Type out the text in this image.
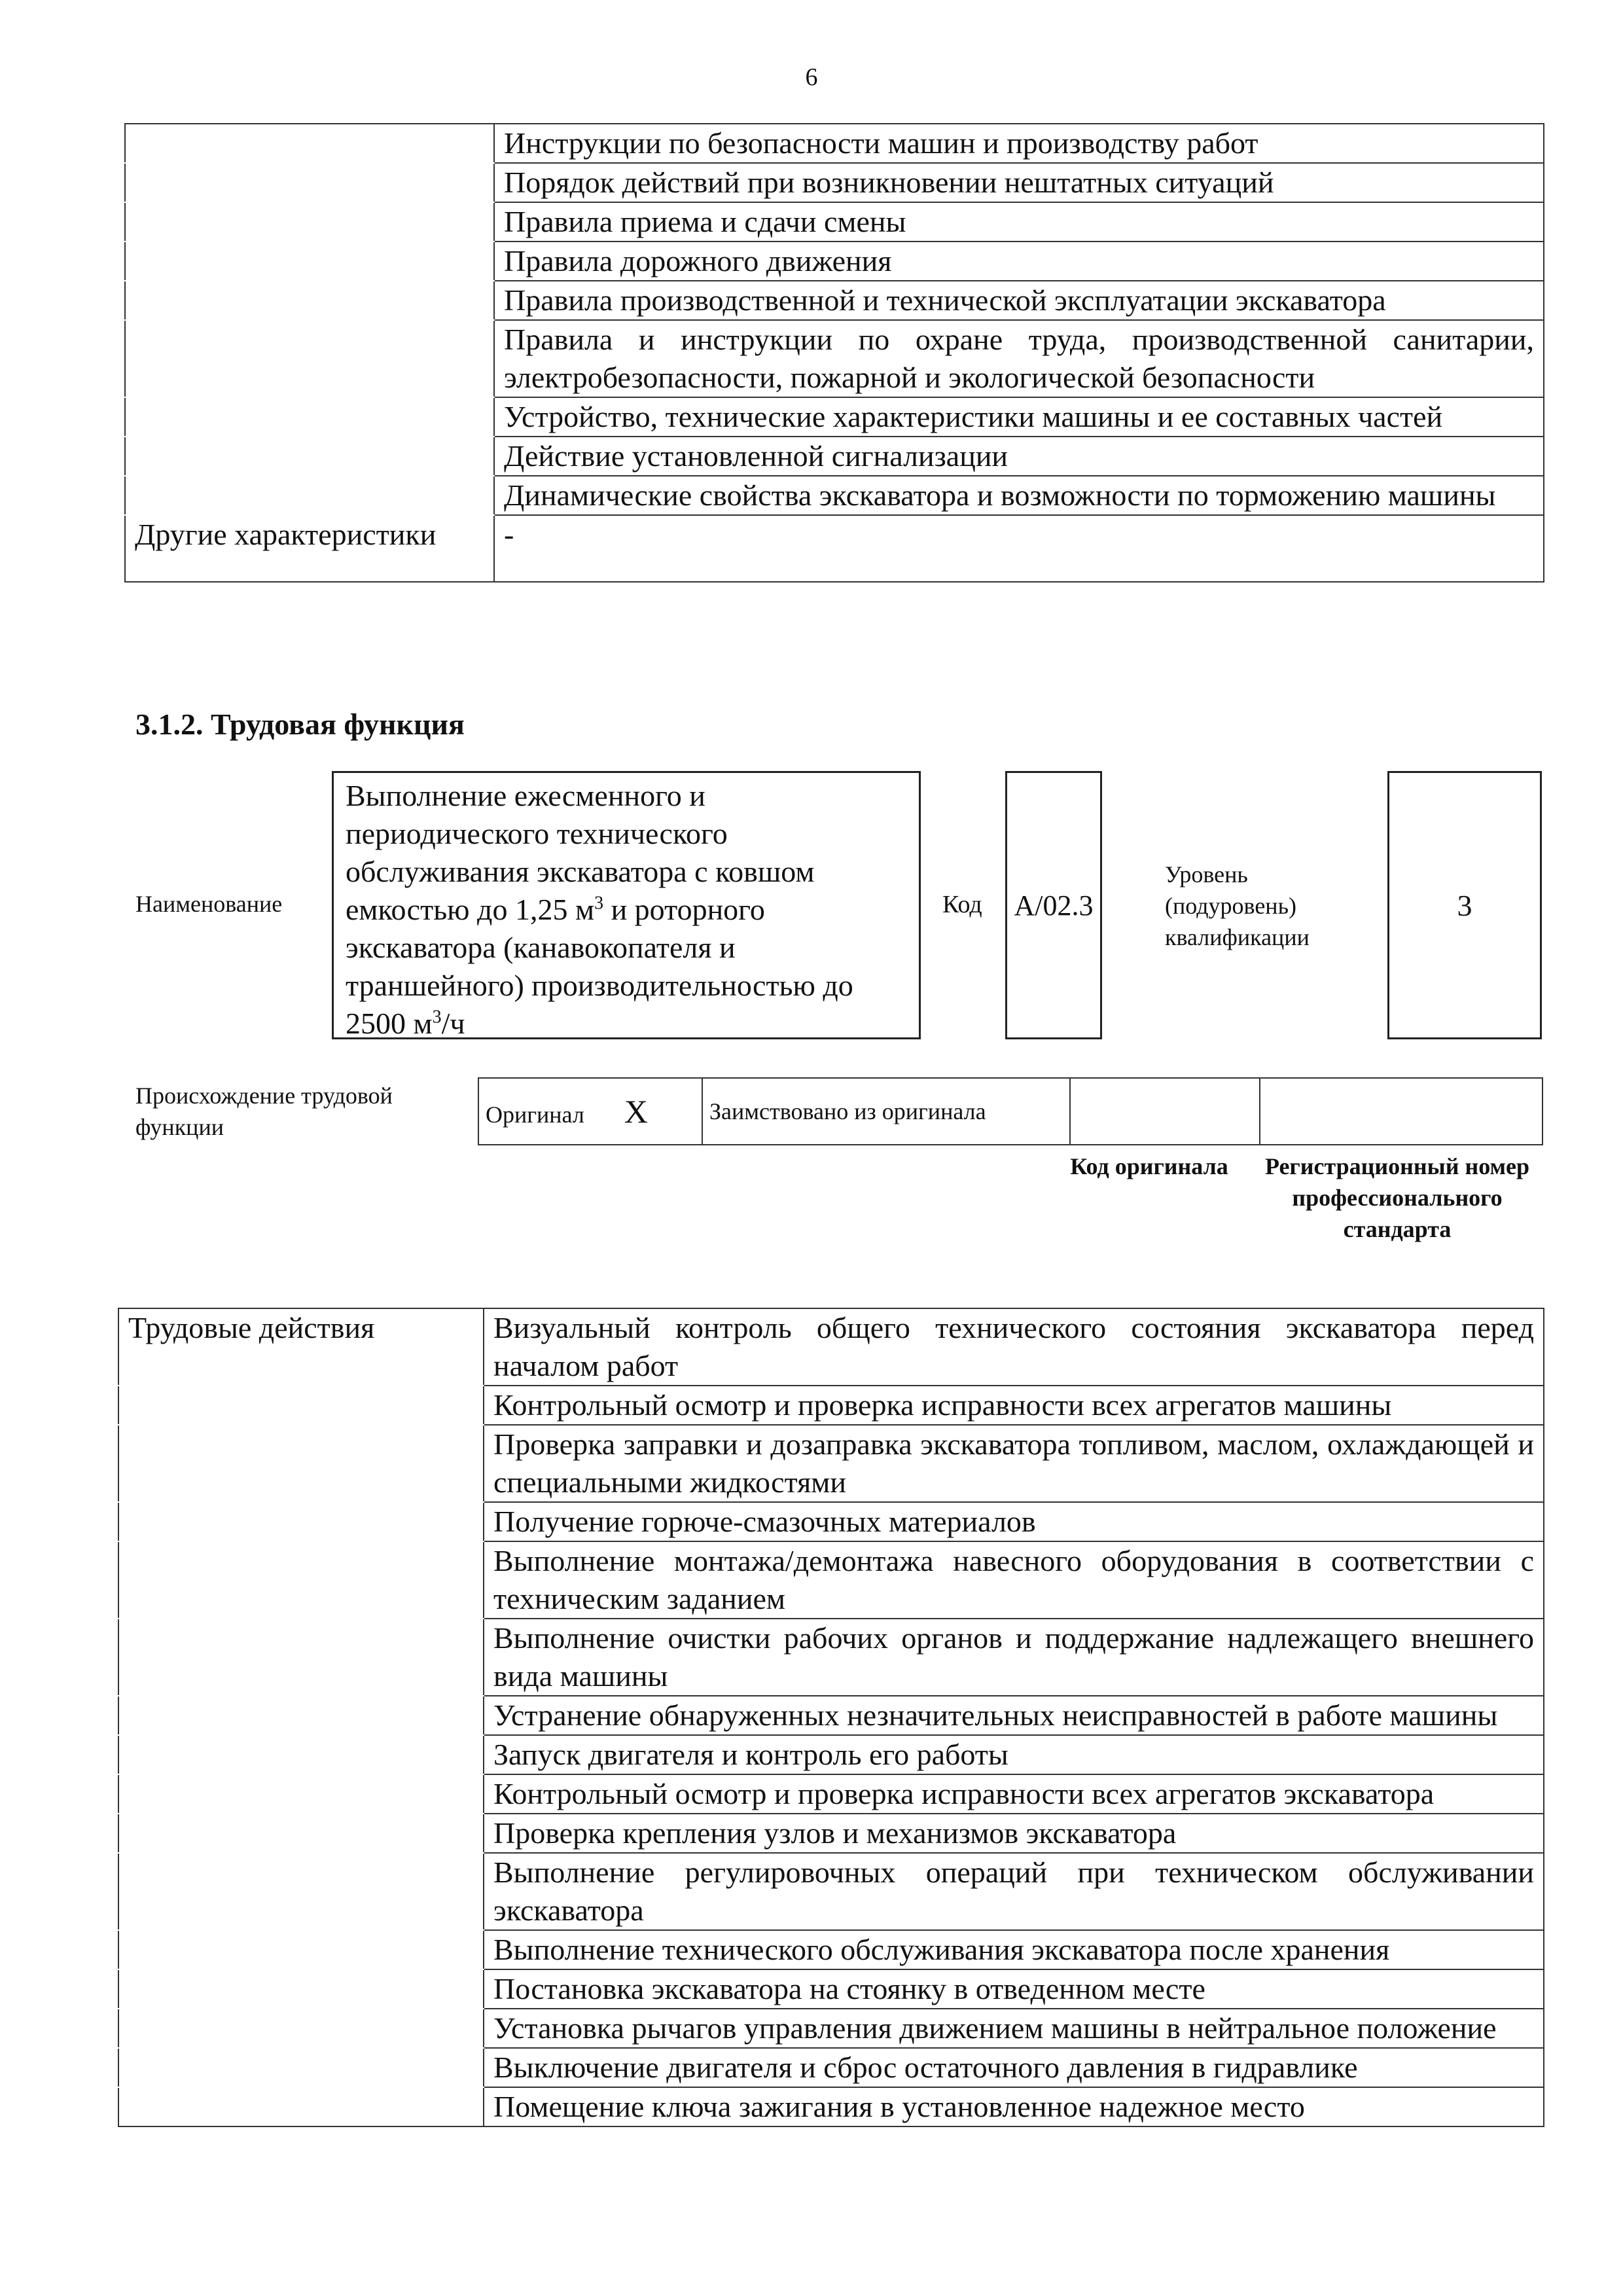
6
	Инструкции по безопасности машин и производству работ
	Порядок действий при возникновении нештатных ситуаций
	Правила приема и сдачи смены
	Правила дорожного движения
	Правила производственной и технической эксплуатации экскаватора
	Правила и инструкции по охране труда, производственной санитарии, электробезопасности, пожарной и экологической безопасности
	Устройство, технические характеристики машины и ее составных частей
	Действие установленной сигнализации
	Динамические свойства экскаватора и возможности по торможению машины
Другие характеристики	-
3.1.2. Трудовая функция
Наименование
Выполнение ежесменного и периодического технического обслуживания экскаватора с ковшом емкостью до 1,25 $м^3$ и роторного экскаватора (канавокопателя и траншейного) производительностью до 2500 $м^3/ч$
Код	А/02.3
Уровень (подуровень) квалификации
3
Происхождение трудовой функции	Оригинал X	Заимствовано из оригинала		
Код оригинала	Регистрационный номер профессионального стандарта
Трудовые действия	Визуальный контроль общего технического состояния экскаватора перед началом работ
	Контрольный осмотр и проверка исправности всех агрегатов машины
	Проверка заправки и дозаправка экскаватора топливом, маслом, охлаждающей и специальными жидкостями
	Получение горюче-смазочных материалов
	Выполнение монтажа/демонтажа навесного оборудования в соответствии с техническим заданием
	Выполнение очистки рабочих органов и поддержание надлежащего внешнего вида машины
	Устранение обнаруженных незначительных неисправностей в работе машины
	Запуск двигателя и контроль его работы
	Контрольный осмотр и проверка исправности всех агрегатов экскаватора
	Проверка крепления узлов и механизмов экскаватора
	Выполнение регулировочных операций при техническом обслуживании экскаватора
	Выполнение технического обслуживания экскаватора после хранения
	Постановка экскаватора на стоянку в отведенном месте
	Установка рычагов управления движением машины в нейтральное положение
	Выключение двигателя и сброс остаточного давления в гидравлике
	Помещение ключа зажигания в установленное надежное место
